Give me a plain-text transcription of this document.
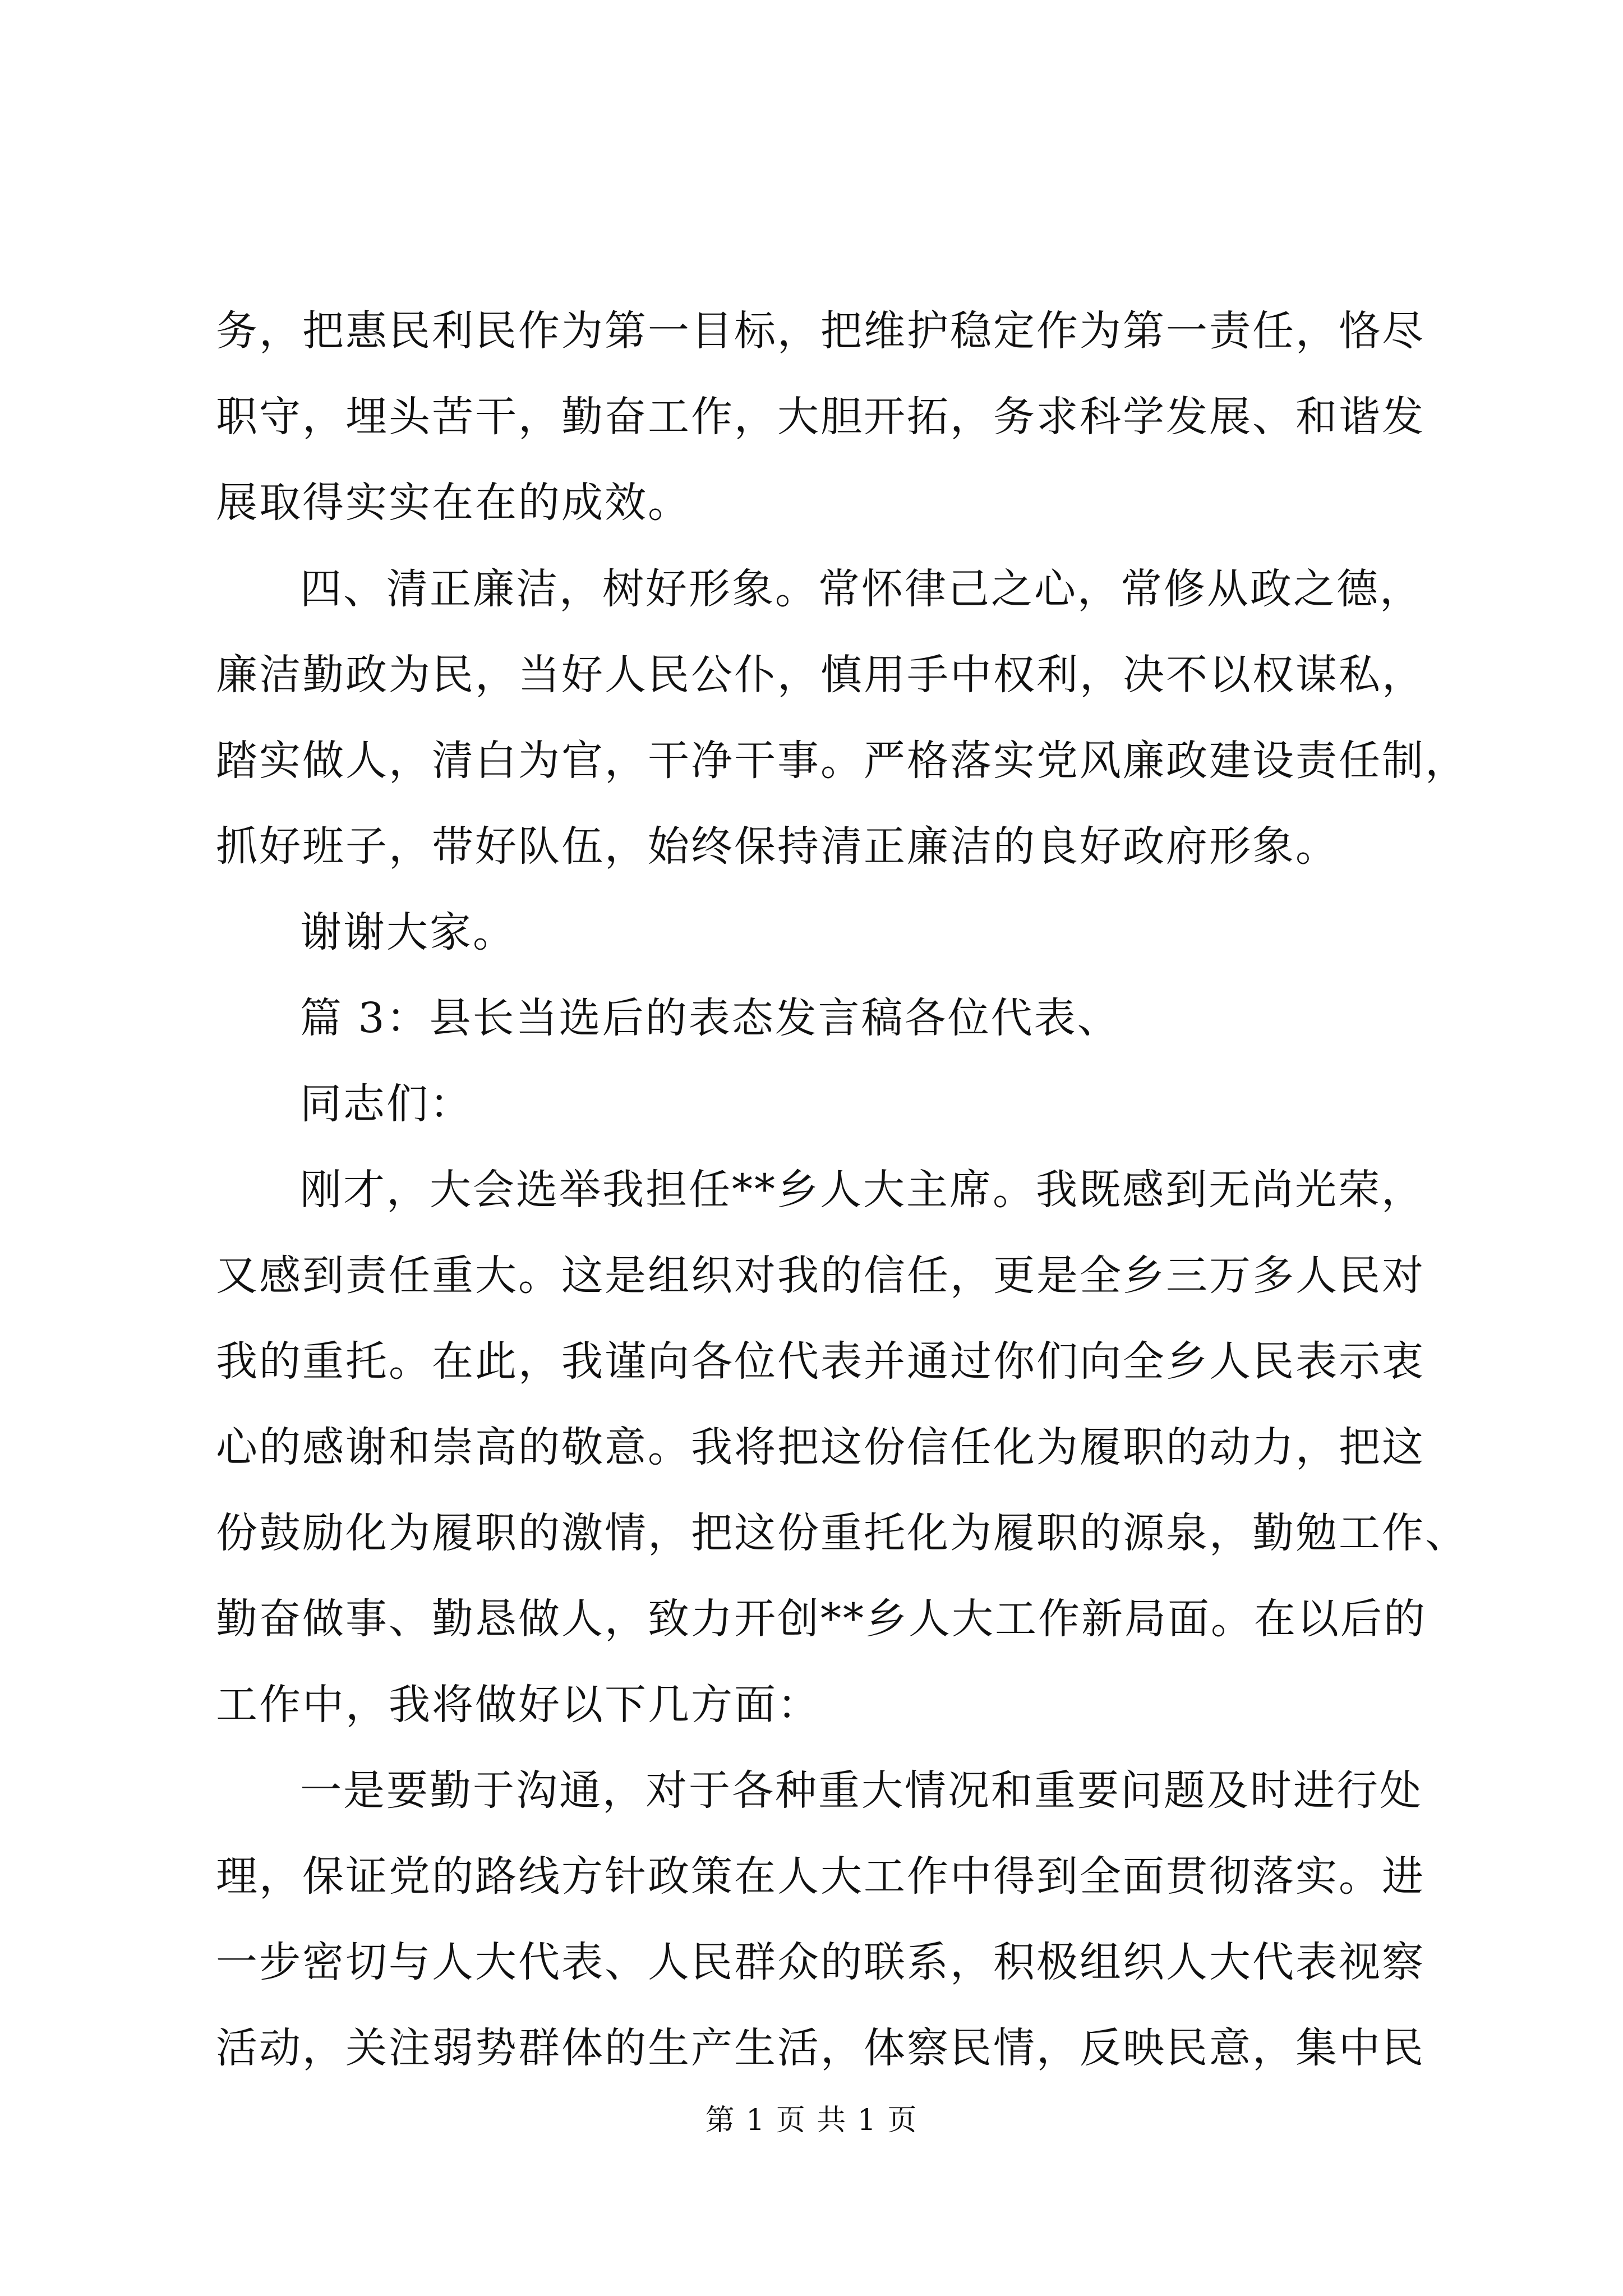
务，把惠民利民作为第一目标，把维护稳定作为第一责任，恪尽
职守，埋头苦干，勤奋工作，大胆开拓，务求科学发展、和谐发
展取得实实在在的成效。
四、清正廉洁，树好形象。常怀律己之心，常修从政之德，
廉洁勤政为民，当好人民公仆，慎用手中权利，决不以权谋私，
踏实做人，清白为官，干净干事。严格落实党风廉政建设责任制，
抓好班子，带好队伍，始终保持清正廉洁的良好政府形象。
谢谢大家。
篇 3：县长当选后的表态发言稿各位代表、
同志们：
刚才，大会选举我担任**乡人大主席。我既感到无尚光荣，
又感到责任重大。这是组织对我的信任，更是全乡三万多人民对
我的重托。在此，我谨向各位代表并通过你们向全乡人民表示衷
心的感谢和崇高的敬意。我将把这份信任化为履职的动力，把这
份鼓励化为履职的激情，把这份重托化为履职的源泉，勤勉工作、
勤奋做事、勤恳做人，致力开创**乡人大工作新局面。在以后的
工作中，我将做好以下几方面：
一是要勤于沟通，对于各种重大情况和重要问题及时进行处
理，保证党的路线方针政策在人大工作中得到全面贯彻落实。进
一步密切与人大代表、人民群众的联系，积极组织人大代表视察
活动，关注弱势群体的生产生活，体察民情，反映民意，集中民
第 1 页 共 1 页
